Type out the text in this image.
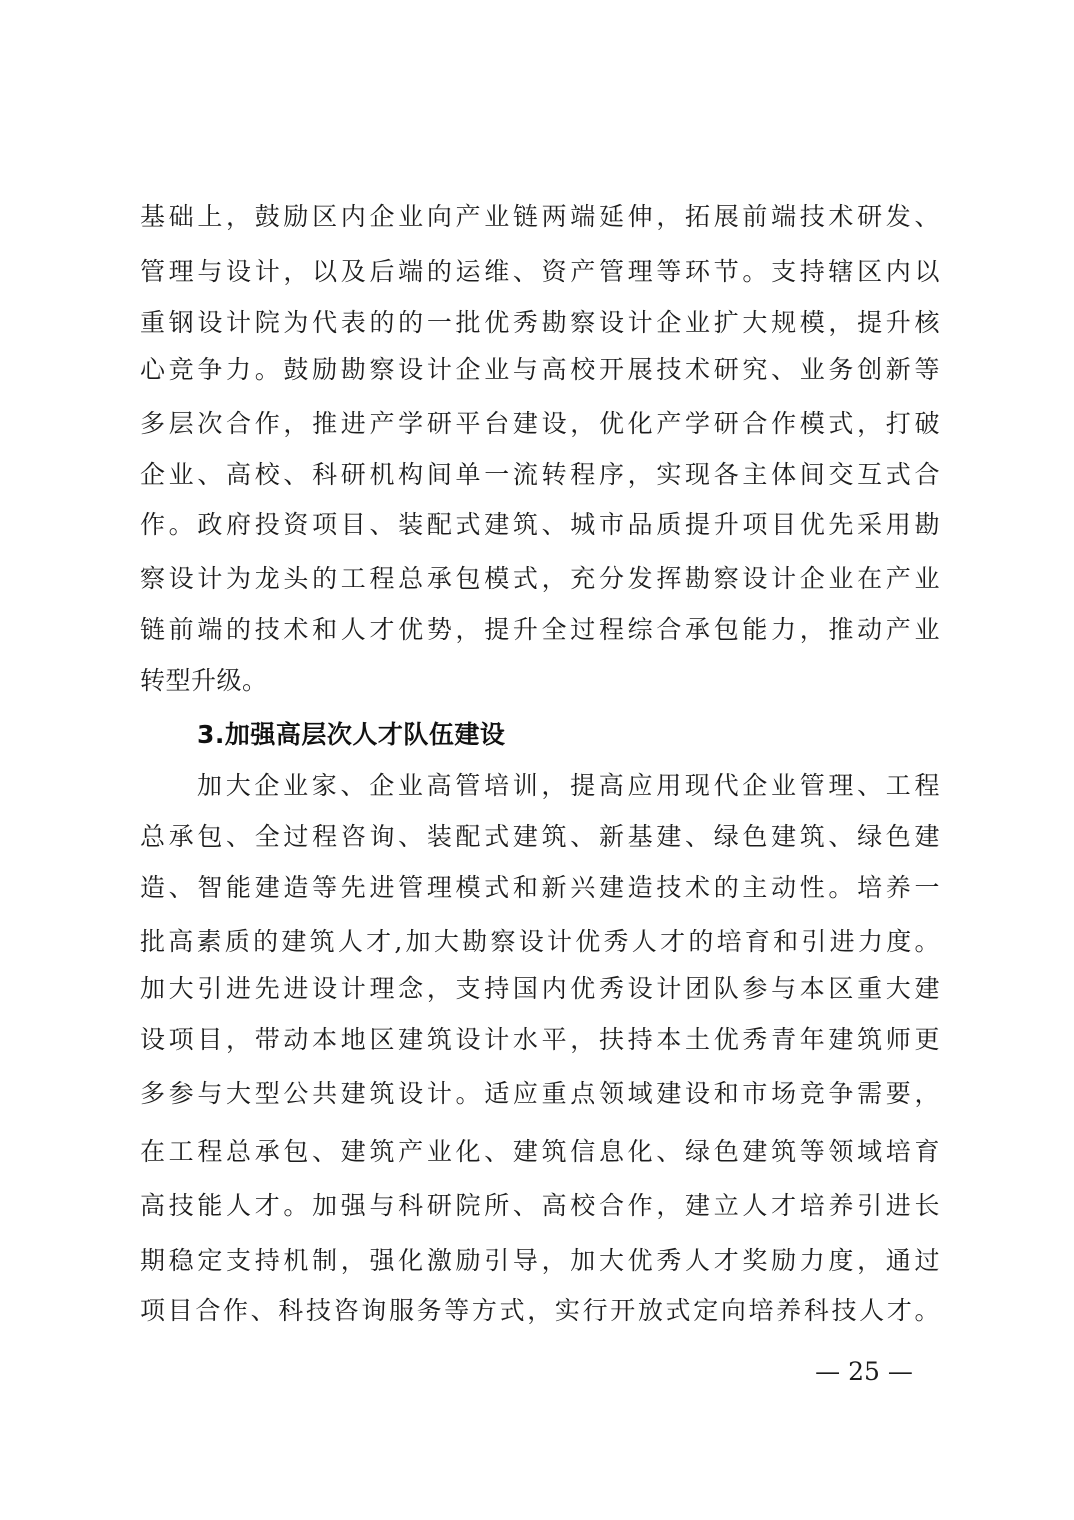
基础上，鼓励区内企业向产业链两端延伸，拓展前端技术研发、
管理与设计，以及后端的运维、资产管理等环节。支持辖区内以
重钢设计院为代表的的一批优秀勘察设计企业扩大规模，提升核
心竞争力。鼓励勘察设计企业与高校开展技术研究、业务创新等
多层次合作，推进产学研平台建设，优化产学研合作模式，打破
企业、高校、科研机构间单一流转程序，实现各主体间交互式合
作。政府投资项目、装配式建筑、城市品质提升项目优先采用勘
察设计为龙头的工程总承包模式，充分发挥勘察设计企业在产业
链前端的技术和人才优势，提升全过程综合承包能力，推动产业
转型升级。
3.加强高层次人才队伍建设
加大企业家、企业高管培训，提高应用现代企业管理、工程
总承包、全过程咨询、装配式建筑、新基建、绿色建筑、绿色建
造、智能建造等先进管理模式和新兴建造技术的主动性。培养一
批高素质的建筑人才,加大勘察设计优秀人才的培育和引进力度。
加大引进先进设计理念，支持国内优秀设计团队参与本区重大建
设项目，带动本地区建筑设计水平，扶持本土优秀青年建筑师更
多参与大型公共建筑设计。适应重点领域建设和市场竞争需要，
在工程总承包、建筑产业化、建筑信息化、绿色建筑等领域培育
高技能人才。加强与科研院所、高校合作，建立人才培养引进长
期稳定支持机制，强化激励引导，加大优秀人才奖励力度，通过
项目合作、科技咨询服务等方式，实行开放式定向培养科技人才。
— 25 —
